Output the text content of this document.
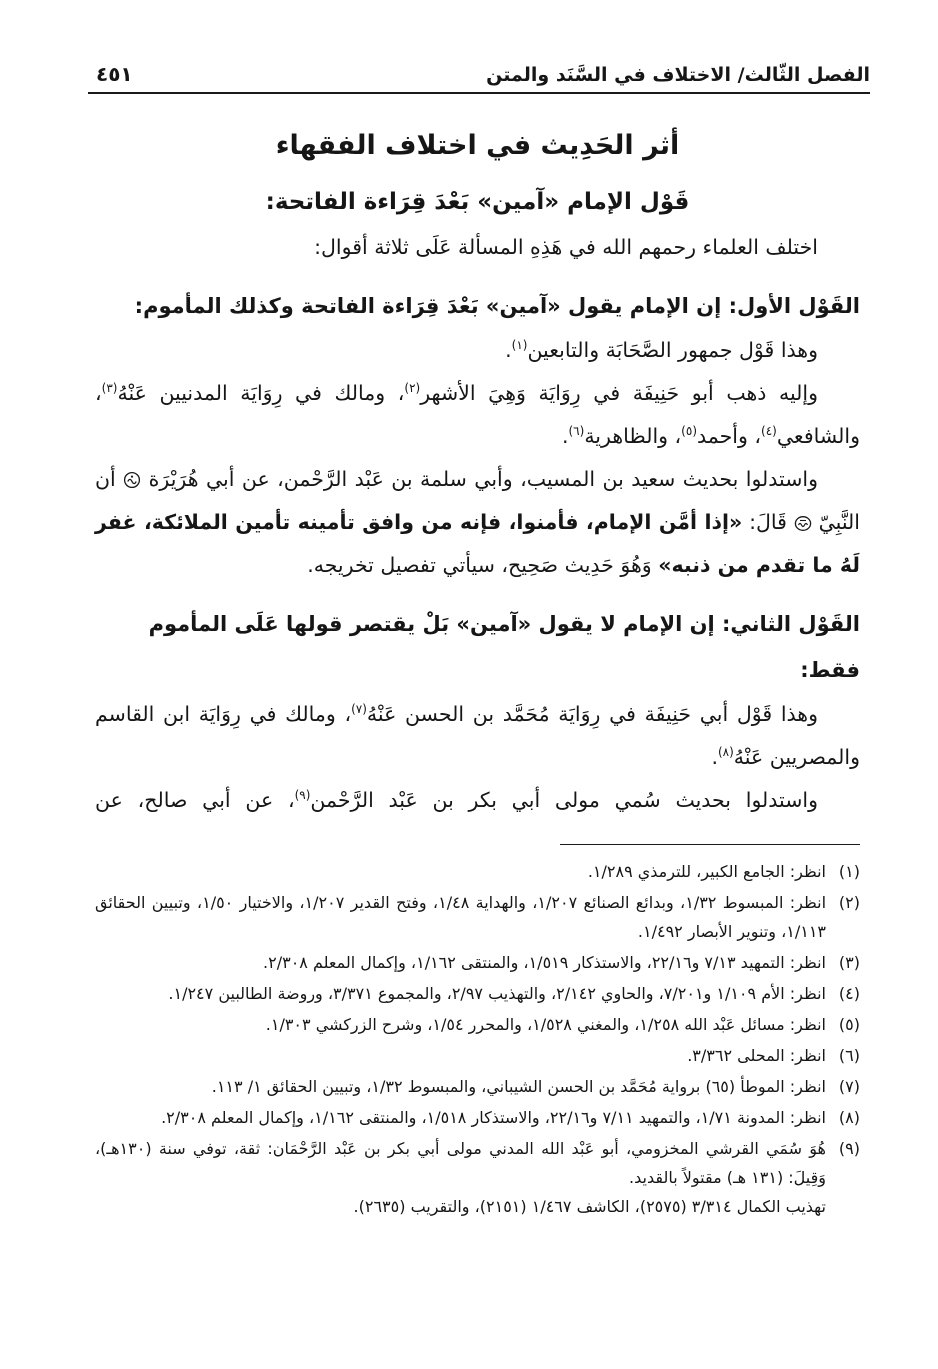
الفصل الثّالث/ الاختلاف في السَّنَد والمتن
٤٥١
أثر الحَدِيث في اختلاف الفقهاء
قَوْل الإمام «آمين» بَعْدَ قِرَاءة الفاتحة:

اختلف العلماء رحمهم الله في هَذِهِ المسألة عَلَى ثلاثة أقوال:

القَوْل الأول: إن الإمام يقول «آمين» بَعْدَ قِرَاءة الفاتحة وكذلك المأموم:

وهذا قَوْل جمهور الصَّحَابَة والتابعين$^{(١)}$.

وإليه ذهب أبو حَنِيفَة في رِوَايَة وَهِيَ الأشهر$^{(٢)}$، ومالك في رِوَايَة المدنيين عَنْهُ$^{(٣)}$، والشافعي$^{(٤)}$، وأحمد$^{(٥)}$، والظاهرية$^{(٦)}$.

واستدلوا بحديث سعيد بن المسيب، وأبي سلمة بن عَبْد الرَّحْمن، عن أبي هُرَيْرَة
أن النَّبِيّ
قَالَ: «إذا أمَّن الإمام، فأمنوا، فإنه من وافق تأمينه تأمين الملائكة، غفر لَهُ ما تقدم من ذنبه» وَهُوَ حَدِيث صَحِيح، سيأتي تفصيل تخريجه.

القَوْل الثاني: إن الإمام لا يقول «آمين» بَلْ يقتصر قولها عَلَى المأموم فقط:

وهذا قَوْل أبي حَنِيفَة في رِوَايَة مُحَمَّد بن الحسن عَنْهُ$^{(٧)}$، ومالك في رِوَايَة ابن القاسم والمصريين عَنْهُ$^{(٨)}$.

واستدلوا بحديث سُمي مولى أبي بكر بن عَبْد الرَّحْمن$^{(٩)}$، عن أبي صالح، عن

(١)

انظر: الجامع الكبير، للترمذي ١/٢٨٩.

(٢)

انظر: المبسوط ١/٣٢، وبدائع الصنائع ١/٢٠٧، والهداية ١/٤٨، وفتح القدير ١/٢٠٧، والاختيار ١/٥٠، وتبيين الحقائق ١/١١٣، وتنوير الأبصار ١/٤٩٢.

(٣)

انظر: التمهيد ٧/١٣ و٢٢/١٦، والاستذكار ١/٥١٩، والمنتقى ١/١٦٢، وإكمال المعلم ٢/٣٠٨.

(٤)

انظر: الأم ١/١٠٩ و٧/٢٠١، والحاوي ٢/١٤٢، والتهذيب ٢/٩٧، والمجموع ٣/٣٧١، وروضة الطالبين ١/٢٤٧.

(٥)

انظر: مسائل عَبْد الله ١/٢٥٨، والمغني ١/٥٢٨، والمحرر ١/٥٤، وشرح الزركشي ١/٣٠٣.

(٦)

انظر: المحلى ٣/٣٦٢.

(٧)

انظر: الموطأ (٦٥) برواية مُحَمَّد بن الحسن الشيباني، والمبسوط ١/٣٢، وتبيين الحقائق ١/ ١١٣.

(٨)

انظر: المدونة ١/٧١، والتمهيد ٧/١١ و٢٢/١٦، والاستذكار ١/٥١٨، والمنتقى ١/١٦٢، وإكمال المعلم ٢/٣٠٨.

(٩)

هُوَ سُمَي القرشي المخزومي، أبو عَبْد الله المدني مولى أبي بكر بن عَبْد الرَّحْمَان: ثقة، توفي سنة (١٣٠هـ)، وَقِيلَ: (١٣١ هـ) مقتولاً بالقديد.

تهذيب الكمال ٣/٣١٤ (٢٥٧٥)، الكاشف ١/٤٦٧ (٢١٥١)، والتقريب (٢٦٣٥).
